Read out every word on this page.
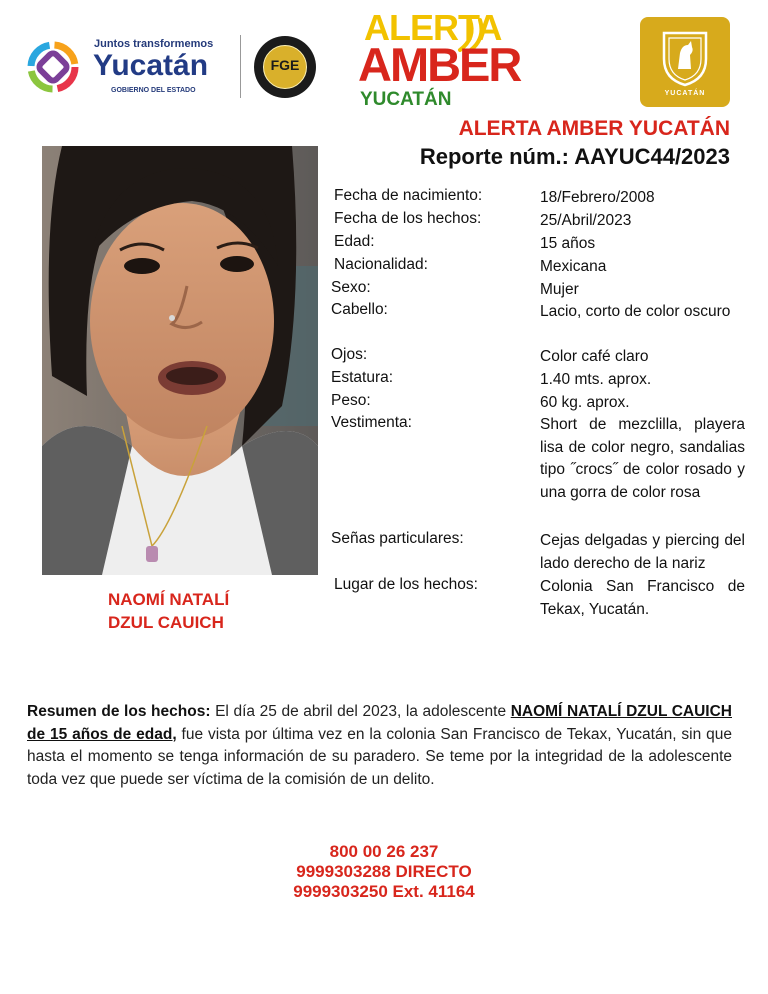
Juntos transformemos
Yucatán
GOBIERNO DEL ESTADO
FGE
ALERTA
AMBER
YUCATÁN	YUCATÁN
ALERTA AMBER YUCATÁN
Reporte núm.: AAYUC44/2023
NAOMÍ NATALÍ
DZUL CAUICH
Fecha de nacimiento:	18/Febrero/2008
Fecha de los hechos:	25/Abril/2023
Edad:	15 años
Nacionalidad:	Mexicana
Sexo:	Mujer
Cabello:	Lacio, corto de color oscuro
Ojos:	Color café claro
Estatura:	1.40 mts. aprox.
Peso:	60 kg. aprox.
Vestimenta:	Short de mezclilla, playera lisa de color negro, sandalias tipo ˝crocs˝ de color rosado y una gorra de color rosa
Señas particulares:	Cejas delgadas y piercing del lado derecho de la nariz
Lugar de los hechos:	Colonia San Francisco de Tekax, Yucatán.
Resumen de los hechos: El día 25 de abril del 2023, la adolescente NAOMÍ NATALÍ DZUL CAUICH de 15 años de edad, fue vista por última vez en la colonia San Francisco de Tekax, Yucatán, sin que hasta el momento se tenga información de su paradero. Se teme por la integridad de la adolescente toda vez que puede ser víctima de la comisión de un delito.
800 00 26 237
9999303288 DIRECTO
9999303250 Ext. 41164
